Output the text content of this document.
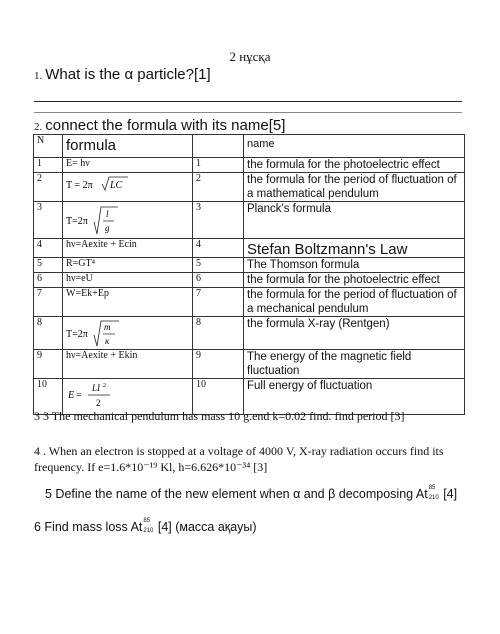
2 нұсқа
1. What is the α particle?[1]
2. connect the formula with its name[5]
N	formula		name
1	E= hν	1	the formula for the photoelectric effect
2	T = 2π LC	2	the formula for the period of fluctuation of a mathematical pendulum
3	T=2π
l
g	3	Planck's formula
4	hν=Aexite + Ecin	4	Stefan Boltzmann's Law
5	R=GT⁴	5	The Thomson formula
6	hν=eU	6	the formula for the photoelectric effect
7	W=Ek+Ep	7	the formula for the period of fluctuation of a mechanical pendulum
8	T=2π
m
κ	8	the formula X-ray (Rentgen)
9	hν=Aexite + Ekin	9	The energy of the magnetic field fluctuation
10	E =
LI 2
2	10	Full energy of fluctuation
3 3 The mechanical pendulum has mass 10 g.end k=0.02 find. find period [3]
4 . When an electron is stopped at a voltage of 4000 V, X-ray radiation occurs find its frequency. If e=1.6*10⁻¹⁹ Kl, h=6.626*10⁻³⁴ [3]
5 Define the name of the new element when α and β decomposing At 85
210 [4]
6 Find mass loss At 85
210 [4] (масса ақауы)
